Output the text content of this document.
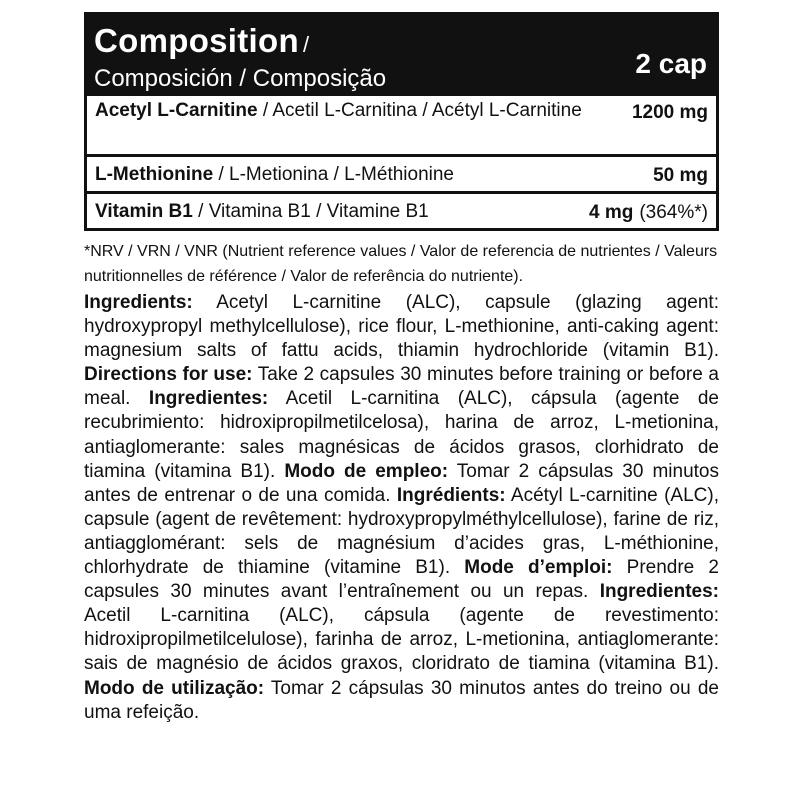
Composition /
Composición / Composição	2 cap
Acetyl L-Carnitine / Acetil L-Carnitina / Acétyl L-Carnitine	1200 mg
L-Methionine / L-Metionina / L-Méthionine	50 mg
Vitamin B1 / Vitamina B1 / Vitamine B1	4 mg (364%*)
*NRV / VRN / VNR (Nutrient reference values / Valor de referencia de nutrientes / Valeurs nutritionnelles de référence / Valor de referência do nutriente).
Ingredients: Acetyl L-carnitine (ALC), capsule (glazing agent: hydroxypropyl methylcellulose), rice flour, L-methionine, anti-caking agent: magnesium salts of fattu acids, thiamin hydrochloride (vitamin B1). Directions for use: Take 2 capsules 30 minutes before training or before a meal. Ingredientes: Acetil L-carnitina (ALC), cápsula (agente de recubrimiento: hidroxipropilmetilcelosa), harina de arroz, L-metionina, antiaglomerante: sales magnésicas de ácidos grasos, clorhidrato de tiamina (vitamina B1). Modo de empleo: Tomar 2 cápsulas 30 minutos antes de entrenar o de una comida. Ingrédients: Acétyl L-carnitine (ALC), capsule (agent de revêtement: hydroxypropylméthylcellulose), farine de riz, antiagglomérant: sels de magnésium d’acides gras, L-méthionine, chlorhydrate de thiamine (vitamine B1). Mode d’emploi: Prendre 2 capsules 30 minutes avant l’entraînement ou un repas. Ingredientes: Acetil L-carnitina (ALC), cápsula (agente de revestimento: hidroxipropilmetilcelulose), farinha de arroz, L-metionina, antiaglomerante: sais de magnésio de ácidos graxos, cloridrato de tiamina (vitamina B1). Modo de utilização: Tomar 2 cápsulas 30 minutos antes do treino ou de uma refeição.
